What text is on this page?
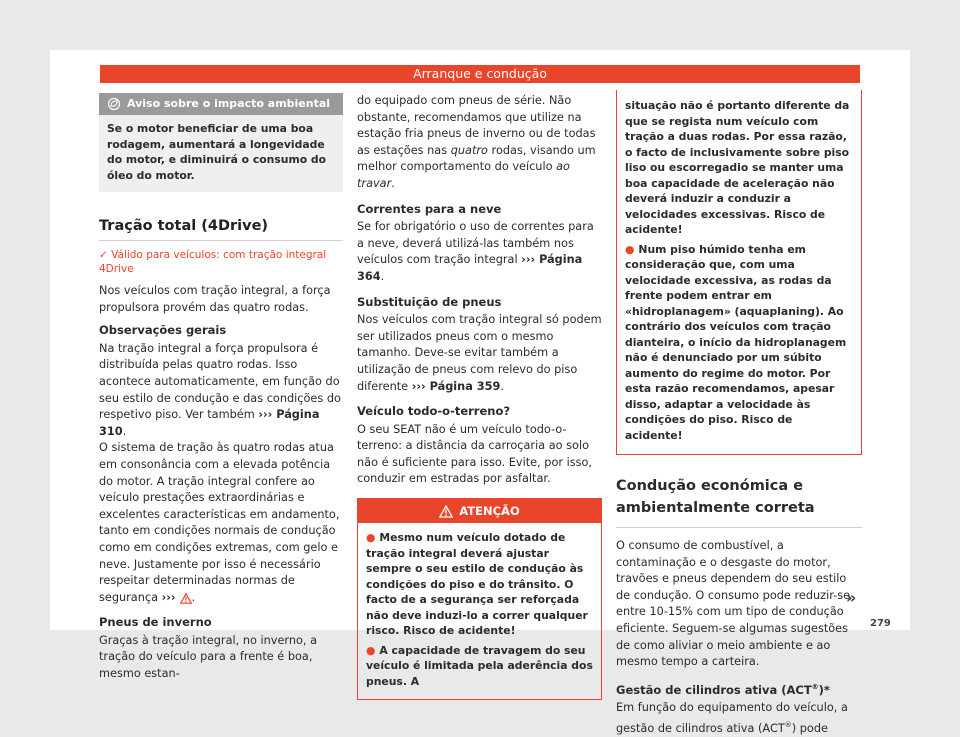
Arranque e condução
Aviso sobre o impacto ambiental
Se o motor beneficiar de uma boa rodagem, aumentará a longevidade do motor, e diminuirá o consumo do óleo do motor.
Tração total (4Drive)

✓ Válido para veículos: com tração integral 4Drive

Nos veículos com tração integral, a força propulsora provém das quatro rodas.

Observações gerais

Na tração integral a força propulsora é distribuída pelas quatro rodas. Isso acontece automaticamente, em função do seu estilo de condução e das condições do respetivo piso. Ver também ››› Página 310.

O sistema de tração às quatro rodas atua em consonância com a elevada potência do motor. A tração integral confere ao veículo prestações extraordinárias e excelentes características em andamento, tanto em condições normais de condução como em condições extremas, com gelo e neve. Justamente por isso é necessário respeitar determinadas normas de segurança ››› .

Pneus de inverno

Graças à tração integral, no inverno, a tração do veículo para a frente é boa, mesmo estan-

do equipado com pneus de série. Não obstante, recomendamos que utilize na estação fria pneus de inverno ou de todas as estações nas quatro rodas, visando um melhor comportamento do veículo ao travar.

Correntes para a neve

Se for obrigatório o uso de correntes para a neve, deverá utilizá-las também nos veículos com tração integral ››› Página 364.

Substituição de pneus

Nos veículos com tração integral só podem ser utilizados pneus com o mesmo tamanho. Deve-se evitar também a utilização de pneus com relevo do piso diferente ››› Página 359.

Veículo todo-o-terreno?

O seu SEAT não é um veículo todo-o-terreno: a distância da carroçaria ao solo não é suficiente para isso. Evite, por isso, conduzir em estradas por asfaltar.

ATENÇÃO

● Mesmo num veículo dotado de tração integral deverá ajustar sempre o seu estilo de condução às condições do piso e do trânsito. O facto de a segurança ser reforçada não deve induzi-lo a correr qualquer risco. Risco de acidente!

● A capacidade de travagem do seu veículo é limitada pela aderência dos pneus. A

situação não é portanto diferente da que se regista num veículo com tração a duas rodas. Por essa razão, o facto de inclusivamente sobre piso liso ou escorregadio se manter uma boa capacidade de aceleração não deverá induzir a conduzir a velocidades excessivas. Risco de acidente!

● Num piso húmido tenha em consideração que, com uma velocidade excessiva, as rodas da frente podem entrar em «hidroplanagem» (aquaplaning). Ao contrário dos veículos com tração dianteira, o início da hidroplanagem não é denunciado por um súbito aumento do regime do motor. Por esta razão recomendamos, apesar disso, adaptar a velocidade às condições do piso. Risco de acidente!

Condução económica e ambientalmente correta

O consumo de combustível, a contaminação e o desgaste do motor, travões e pneus dependem do seu estilo de condução. O consumo pode reduzir-se entre 10-15% com um tipo de condução eficiente. Seguem-se algumas sugestões de como aliviar o meio ambiente e ao mesmo tempo a carteira.

Gestão de cilindros ativa (ACT®)*

Em função do equipamento do veículo, a gestão de cilindros ativa (ACT®) pode

»
279
